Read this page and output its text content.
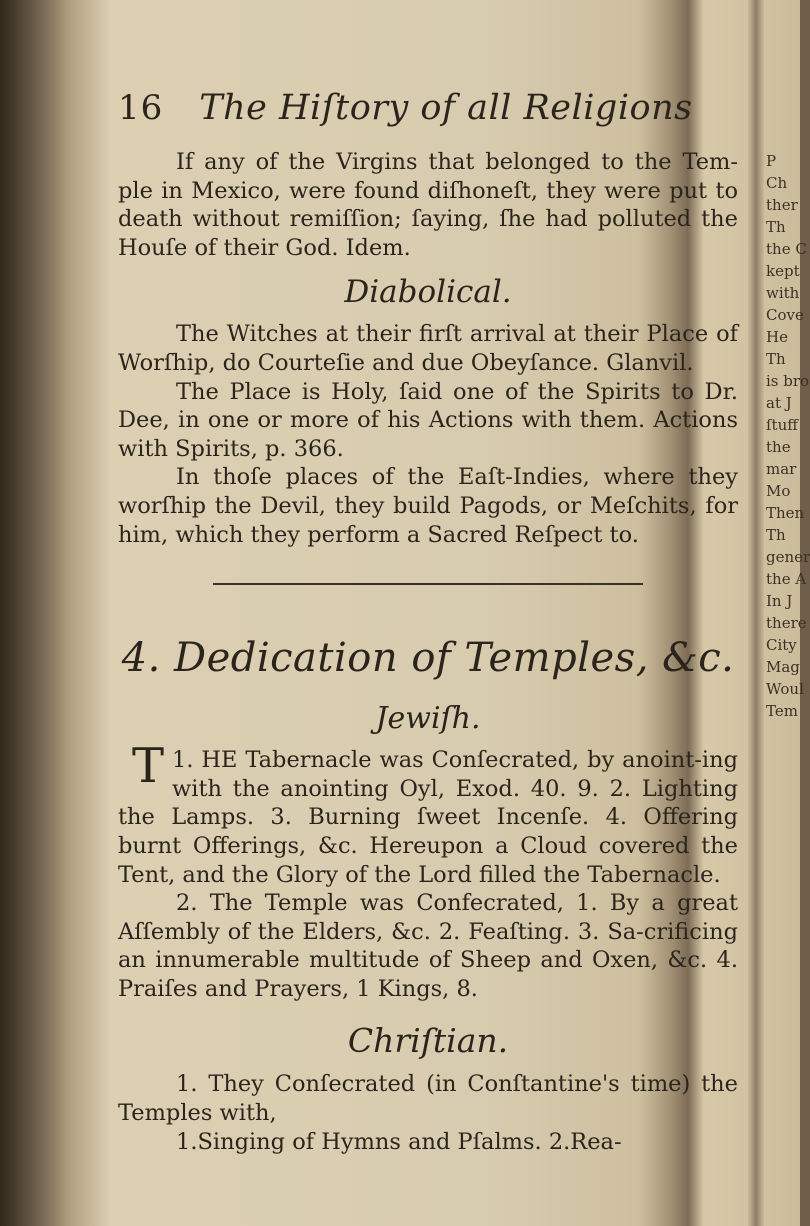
16 The Hiſtory of all Religions

If any of the Virgins that belonged to the Tem-ple in Mexico, were found diſhoneſt, they were put to death without remiſſion; ſaying, ſhe had polluted the Houſe of their God. Idem.

Diabolical.

The Witches at their firſt arrival at their Place of Worſhip, do Courteſie and due Obeyſance. Glanvil.

The Place is Holy, ſaid one of the Spirits to Dr. Dee, in one or more of his Actions with them. Actions with Spirits, p. 366.

In thoſe places of the Eaſt-Indies, where they worſhip the Devil, they build Pagods, or Meſchits, for him, which they perform a Sacred Reſpect to.

4. Dedication of Temples, &c.
Jewiſh.

T 1. HE Tabernacle was Conſecrated, by anoint-ing with the anointing Oyl, Exod. 40. 9. 2. Lighting the Lamps. 3. Burning ſweet Incenſe. 4. Offering burnt Offerings, &c. Hereupon a Cloud covered the Tent, and the Glory of the Lord filled the Tabernacle.

2. The Temple was Confecrated, 1. By a great Aſſembly of the Elders, &c. 2. Feaſting. 3. Sa-crificing an innumerable multitude of Sheep and Oxen, &c. 4. Praiſes and Prayers, 1 Kings, 8.

Chriſtian.

1. They Conſecrated (in Conſtantine's time) the Temples with,

1.Singing of Hymns and Pſalms. 2.Rea-

P
Ch
ther
Th
the C
kept
with
Cove
He
Th
is bro
at J
ſtuff
the
mar
Mo
Then
Th
gener
the A
In J
there
City
Mag
Woul
Tem
